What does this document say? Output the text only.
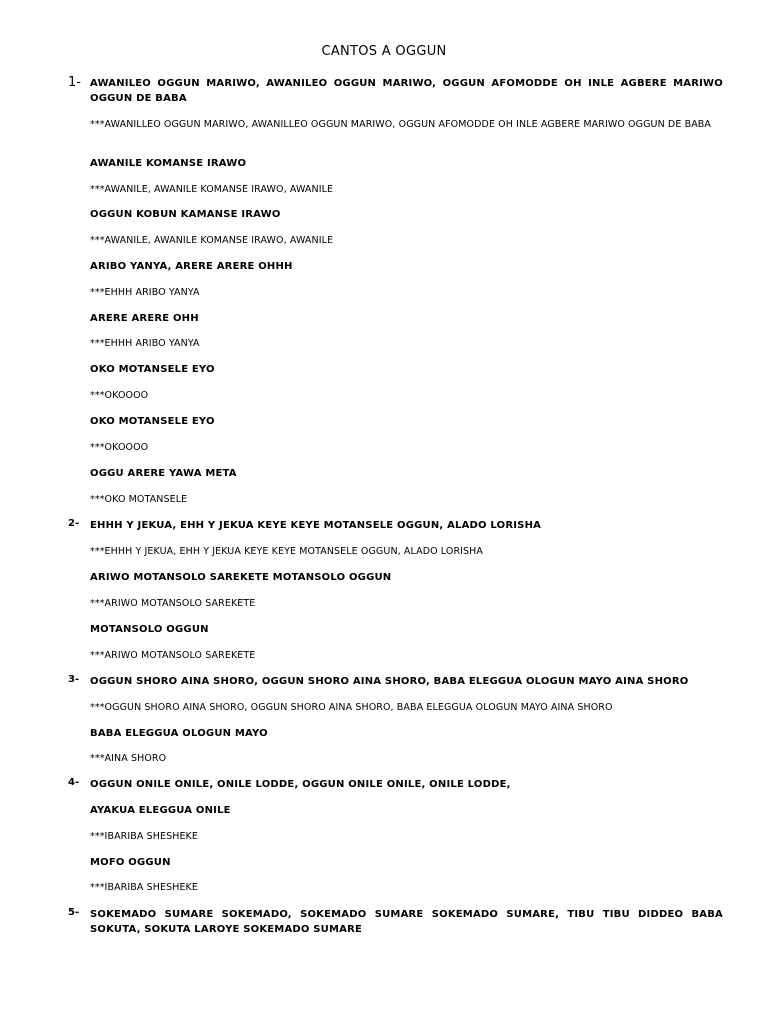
CANTOS A OGGUN
1- AWANILEO OGGUN MARIWO, AWANILEO OGGUN MARIWO, OGGUN AFOMODDE OH INLE AGBERE MARIWO OGGUN DE BABA
***AWANILLEO OGGUN MARIWO, AWANILLEO OGGUN MARIWO, OGGUN AFOMODDE OH INLE AGBERE MARIWO OGGUN DE BABA
AWANILE KOMANSE IRAWO
***AWANILE, AWANILE KOMANSE IRAWO, AWANILE
OGGUN KOBUN KAMANSE IRAWO
***AWANILE, AWANILE KOMANSE IRAWO, AWANILE
ARIBO YANYA, ARERE ARERE OHHH
***EHHH ARIBO YANYA
ARERE ARERE OHH
***EHHH ARIBO YANYA
OKO MOTANSELE EYO
***OKOOOO
OKO MOTANSELE EYO
***OKOOOO
OGGU ARERE YAWA META
***OKO MOTANSELE
2- EHHH Y JEKUA, EHH Y JEKUA KEYE KEYE MOTANSELE OGGUN, ALADO LORISHA
***EHHH Y JEKUA, EHH Y JEKUA KEYE KEYE MOTANSELE OGGUN, ALADO LORISHA
ARIWO MOTANSOLO SAREKETE MOTANSOLO OGGUN
***ARIWO MOTANSOLO SAREKETE
MOTANSOLO OGGUN
***ARIWO MOTANSOLO SAREKETE
3- OGGUN SHORO AINA SHORO, OGGUN SHORO AINA SHORO, BABA ELEGGUA OLOGUN MAYO AINA SHORO
***OGGUN SHORO AINA SHORO, OGGUN SHORO AINA SHORO, BABA ELEGGUA OLOGUN MAYO AINA SHORO
BABA ELEGGUA OLOGUN MAYO
***AINA SHORO
4- OGGUN ONILE ONILE, ONILE LODDE, OGGUN ONILE ONILE, ONILE LODDE,
AYAKUA ELEGGUA ONILE
***IBARIBA SHESHEKE
MOFO OGGUN
***IBARIBA SHESHEKE
5- SOKEMADO SUMARE SOKEMADO, SOKEMADO SUMARE SOKEMADO SUMARE, TIBU TIBU DIDDEO BABA SOKUTA, SOKUTA LAROYE SOKEMADO SUMARE
